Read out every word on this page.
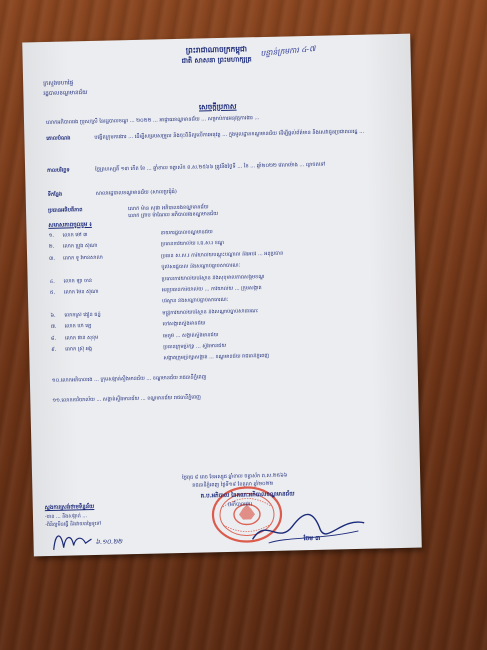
ព្រះរាជាណាចក្រកម្ពុជា
ជាតិ សាសនា ព្រះមហាក្សត្រ
បន្ទាន់ក្រមការ ៤-៧
ក្រសួងមហាផ្ទៃ
រដ្ឋបាលខណ្ឌមានជ័យ
សេចក្តីប្រកាស
លោកអភិបាលរង ប្រុស/ស្រី នៃរដ្ឋបាលខណ្ឌ ... ២០២២ ... អាជ្ញាធរខណ្ឌមានជ័យ ... សម្រាប់ការអនុវត្តការងារ ...
គោលបំណង	បង្កើតក្រុមការងារ ... ដើម្បីសម្របសម្រួល និងចុះពិនិត្យលើការអនុវត្ត ... ក្នុងមូលដ្ឋានខណ្ឌមានជ័យ ដើម្បីផ្តល់ព័ត៌មាន និងសេវាជូនប្រជាពលរដ្ឋ ...
កាលបរិច្ឆេទ	ថ្ងៃព្រហស្បតិ៍ ១៣ កើត ខែ ... ឆ្នាំខាល ចត្វាស័ក ព.ស.២៥៦៦ ត្រូវនឹងថ្ងៃទី ... ខែ ... ឆ្នាំ២០២២ វេលាម៉ោង ... ល្ងាចតទៅ
ទីកន្លែង	សាលារដ្ឋបាលខណ្ឌមានជ័យ (សាលប្រជុំធំ)
ប្រធានអធិបតីភាព	លោក ម៉ាន សុផា អភិបាលរងខណ្ឌមានជ័យ
លោក ព្រាប ម៉ាណែល អភិបាលរងខណ្ឌមានជ័យ
សមាសភាពចូលរួម ៖
១. លោក ម៉ៅ ៣	នាយករដ្ឋបាលខណ្ឌមានជ័យ
២. លោក ប្រូង ស៊ីណា	ប្រធានការិយាល័យ រ.ធ.ស.រ ខណ្ឌ
៣. លោក ទូ វិមានសាលា	ប្រធាន ស.ស.រ ការិយាល័យបណ្តុះបណ្តាល និងអប់រំ ... អនុប្រធាន
ប៉ូលិសរដ្ឋបាល និងសណ្តាប់ធ្នាប់សាធារណៈ
៤. លោក ឡា ចាន់	ប្រធានការិយាល័យបរិស្ថាន និងសុខុមាលភាពសង្គមខណ្ឌ
៥. លោក ម៉ែន ស៊ីណា	អនុប្រធានការិយាល័យ ... ការិយាល័យ ... ក្រុមសង្កាត់
បរិស្ថាន និងសណ្តាប់ធ្នាប់សាធារណៈ
៦. លោកស្រី ងៀន ធន្វី	មន្ត្រីការិយាល័យបរិស្ថាន និងសណ្តាប់ធ្នាប់សាធារណៈ
៧. លោក ឃាំ ឡេ	ចៅសង្កាត់ស្ទឹងមានជ័យ
៨. លោក ផាន់ សុខុម	មេភូមិ ... សង្កាត់ស្ទឹងមានជ័យ
៩. លោក ស្រ៊ុ អង្គ	ប្រធានក្រុមប្រឹក្សា ... ស្ទឹងមានជ័យ
សង្កាត់ក្រុមប្រឹក្សាសង្កាត់ ... ខណ្ឌមានជ័យ រាជធានីភ្នំពេញ
១០.លោកអភិបាលរង ... ក្រុមសង្កាត់ស្ទឹងមានជ័យ ... ខណ្ឌមានជ័យ រាជធានីភ្នំពេញ
១១.លោកការិយាល័យ ... សង្កាត់ស្ទឹងមានជ័យ ... ខណ្ឌមានជ័យ រាជធានីភ្នំពេញ
ថ្ងៃពុធ ៨ រោច ខែអស្សុជ ឆ្នាំខាល ចត្វាស័ក ព.ស.២៥៦៦
រាជធានីភ្នំពេញ ថ្ងៃទី១៩ ខែតុលា ឆ្នាំ២០២២
ត.ប.អភិបាល នៃគណៈអភិបាលខណ្ឌមានជ័យ
(អភិបាលរង)
ចែម ៣
ស្នងការស្រង់ថាមទិន្នន័យ
-បាន ... និងសង្កាត់ ...
-ពិនិត្យមិនធ្វើ និងវាយតម្លៃទូទៅ
៦.១០.២២
